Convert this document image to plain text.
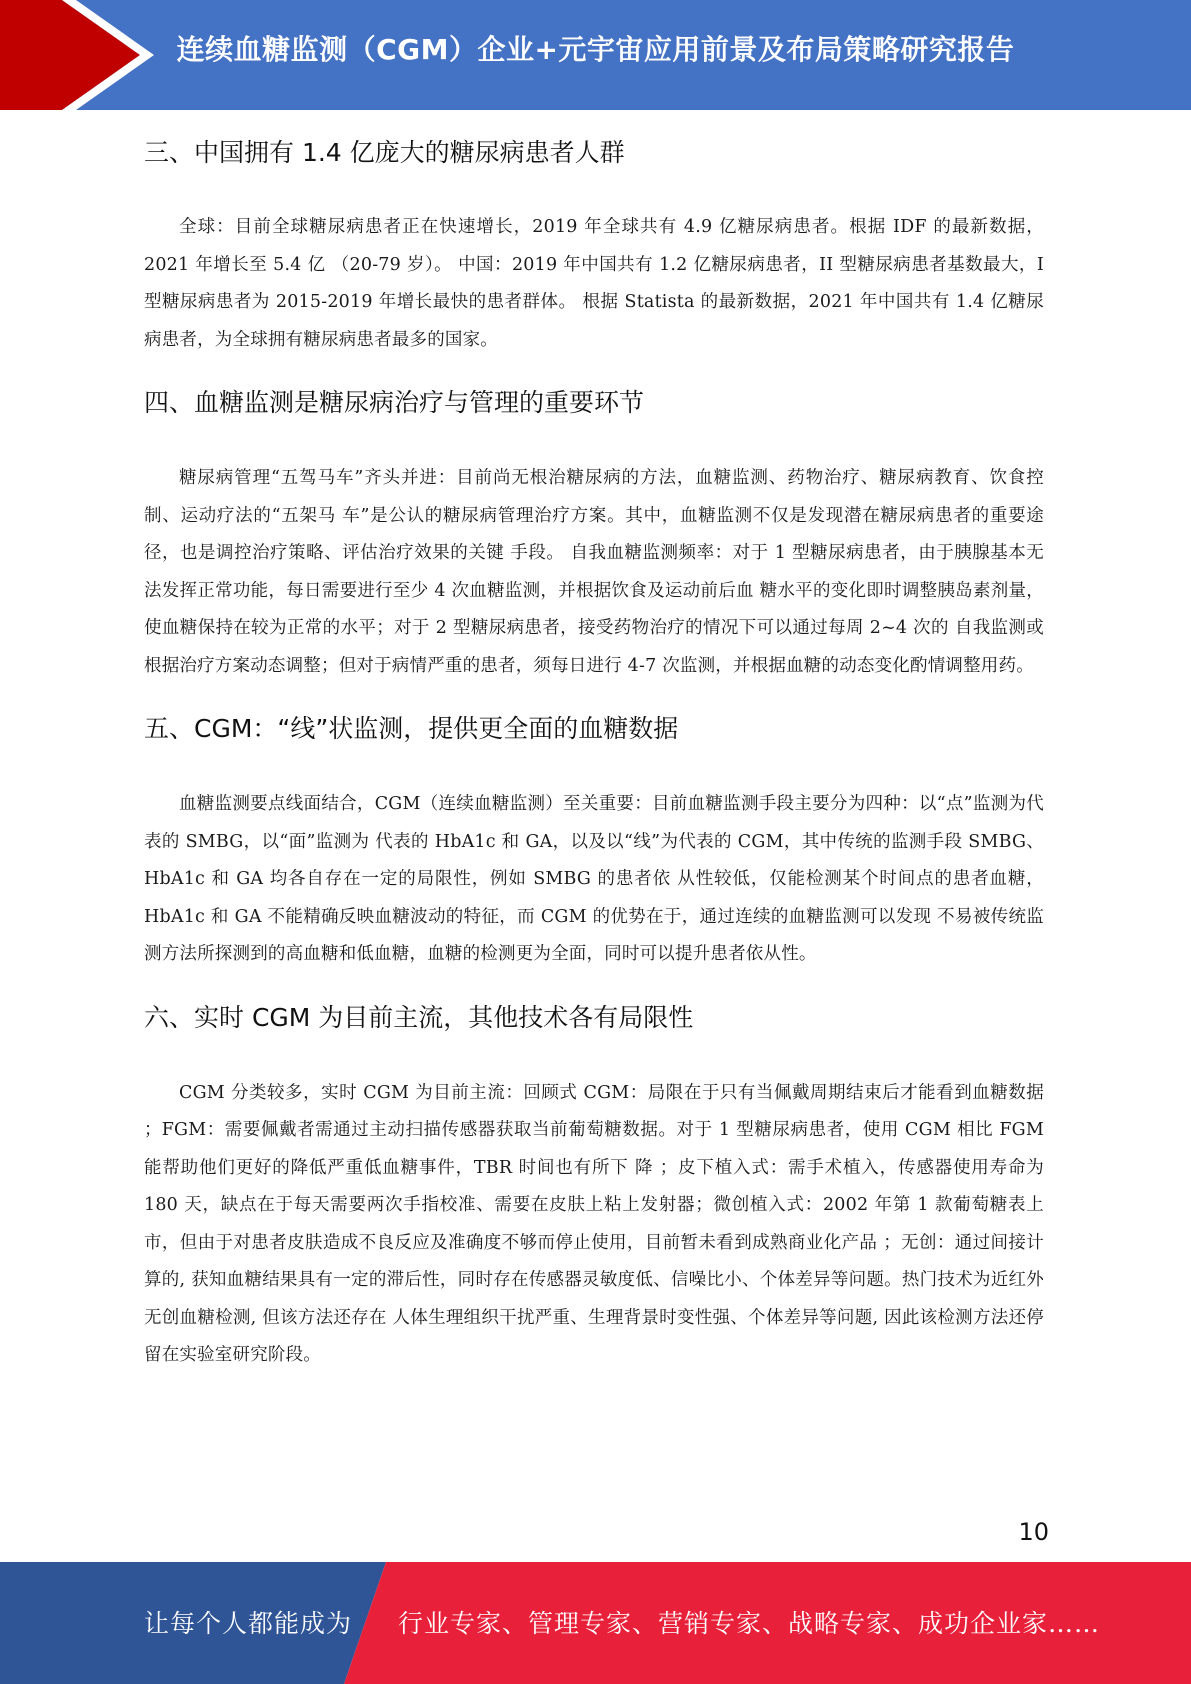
连续血糖监测（CGM）企业+元宇宙应用前景及布局策略研究报告
三、中国拥有 1.4 亿庞大的糖尿病患者人群

全球：目前全球糖尿病患者正在快速增长，2019 年全球共有 4.9 亿糖尿病患者。根据 IDF 的最新数据，2021 年增长至 5.4 亿 （20-79 岁）。 中国：2019 年中国共有 1.2 亿糖尿病患者，II 型糖尿病患者基数最大，I 型糖尿病患者为 2015-2019 年增长最快的患者群体。 根据 Statista 的最新数据，2021 年中国共有 1.4 亿糖尿病患者，为全球拥有糖尿病患者最多的国家。

四、血糖监测是糖尿病治疗与管理的重要环节

糖尿病管理“五驾马车”齐头并进：目前尚无根治糖尿病的方法，血糖监测、药物治疗、糖尿病教育、饮食控制、运动疗法的“五架马 车”是公认的糖尿病管理治疗方案。其中，血糖监测不仅是发现潜在糖尿病患者的重要途径，也是调控治疗策略、评估治疗效果的关键 手段。 自我血糖监测频率：对于 1 型糖尿病患者，由于胰腺基本无法发挥正常功能，每日需要进行至少 4 次血糖监测，并根据饮食及运动前后血 糖水平的变化即时调整胰岛素剂量，使血糖保持在较为正常的水平；对于 2 型糖尿病患者，接受药物治疗的情况下可以通过每周 2~4 次的 自我监测或根据治疗方案动态调整；但对于病情严重的患者，须每日进行 4-7 次监测，并根据血糖的动态变化酌情调整用药。

五、CGM：“线”状监测，提供更全面的血糖数据

血糖监测要点线面结合，CGM（连续血糖监测）至关重要：目前血糖监测手段主要分为四种：以“点”监测为代表的 SMBG，以“面”监测为 代表的 HbA1c 和 GA，以及以“线”为代表的 CGM，其中传统的监测手段 SMBG、HbA1c 和 GA 均各自存在一定的局限性，例如 SMBG 的患者依 从性较低，仅能检测某个时间点的患者血糖，HbA1c 和 GA 不能精确反映血糖波动的特征，而 CGM 的优势在于，通过连续的血糖监测可以发现 不易被传统监测方法所探测到的高血糖和低血糖，血糖的检测更为全面，同时可以提升患者依从性。

六、实时 CGM 为目前主流，其他技术各有局限性

CGM 分类较多，实时 CGM 为目前主流：回顾式 CGM：局限在于只有当佩戴周期结束后才能看到血糖数据 ；FGM：需要佩戴者需通过主动扫描传感器获取当前葡萄糖数据。对于 1 型糖尿病患者，使用 CGM 相比 FGM 能帮助他们更好的降低严重低血糖事件，TBR 时间也有所下 降 ；皮下植入式：需手术植入，传感器使用寿命为 180 天，缺点在于每天需要两次手指校准、需要在皮肤上粘上发射器；微创植入式：2002 年第 1 款葡萄糖表上市，但由于对患者皮肤造成不良反应及准确度不够而停止使用，目前暂未看到成熟商业化产品 ；无创：通过间接计算的, 获知血糖结果具有一定的滞后性，同时存在传感器灵敏度低、信噪比小、个体差异等问题。热门技术为近红外无创血糖检测, 但该方法还存在 人体生理组织干扰严重、生理背景时变性强、个体差异等问题, 因此该检测方法还停留在实验室研究阶段。

10
让每个人都能成为 行业专家、管理专家、营销专家、战略专家、成功企业家……
